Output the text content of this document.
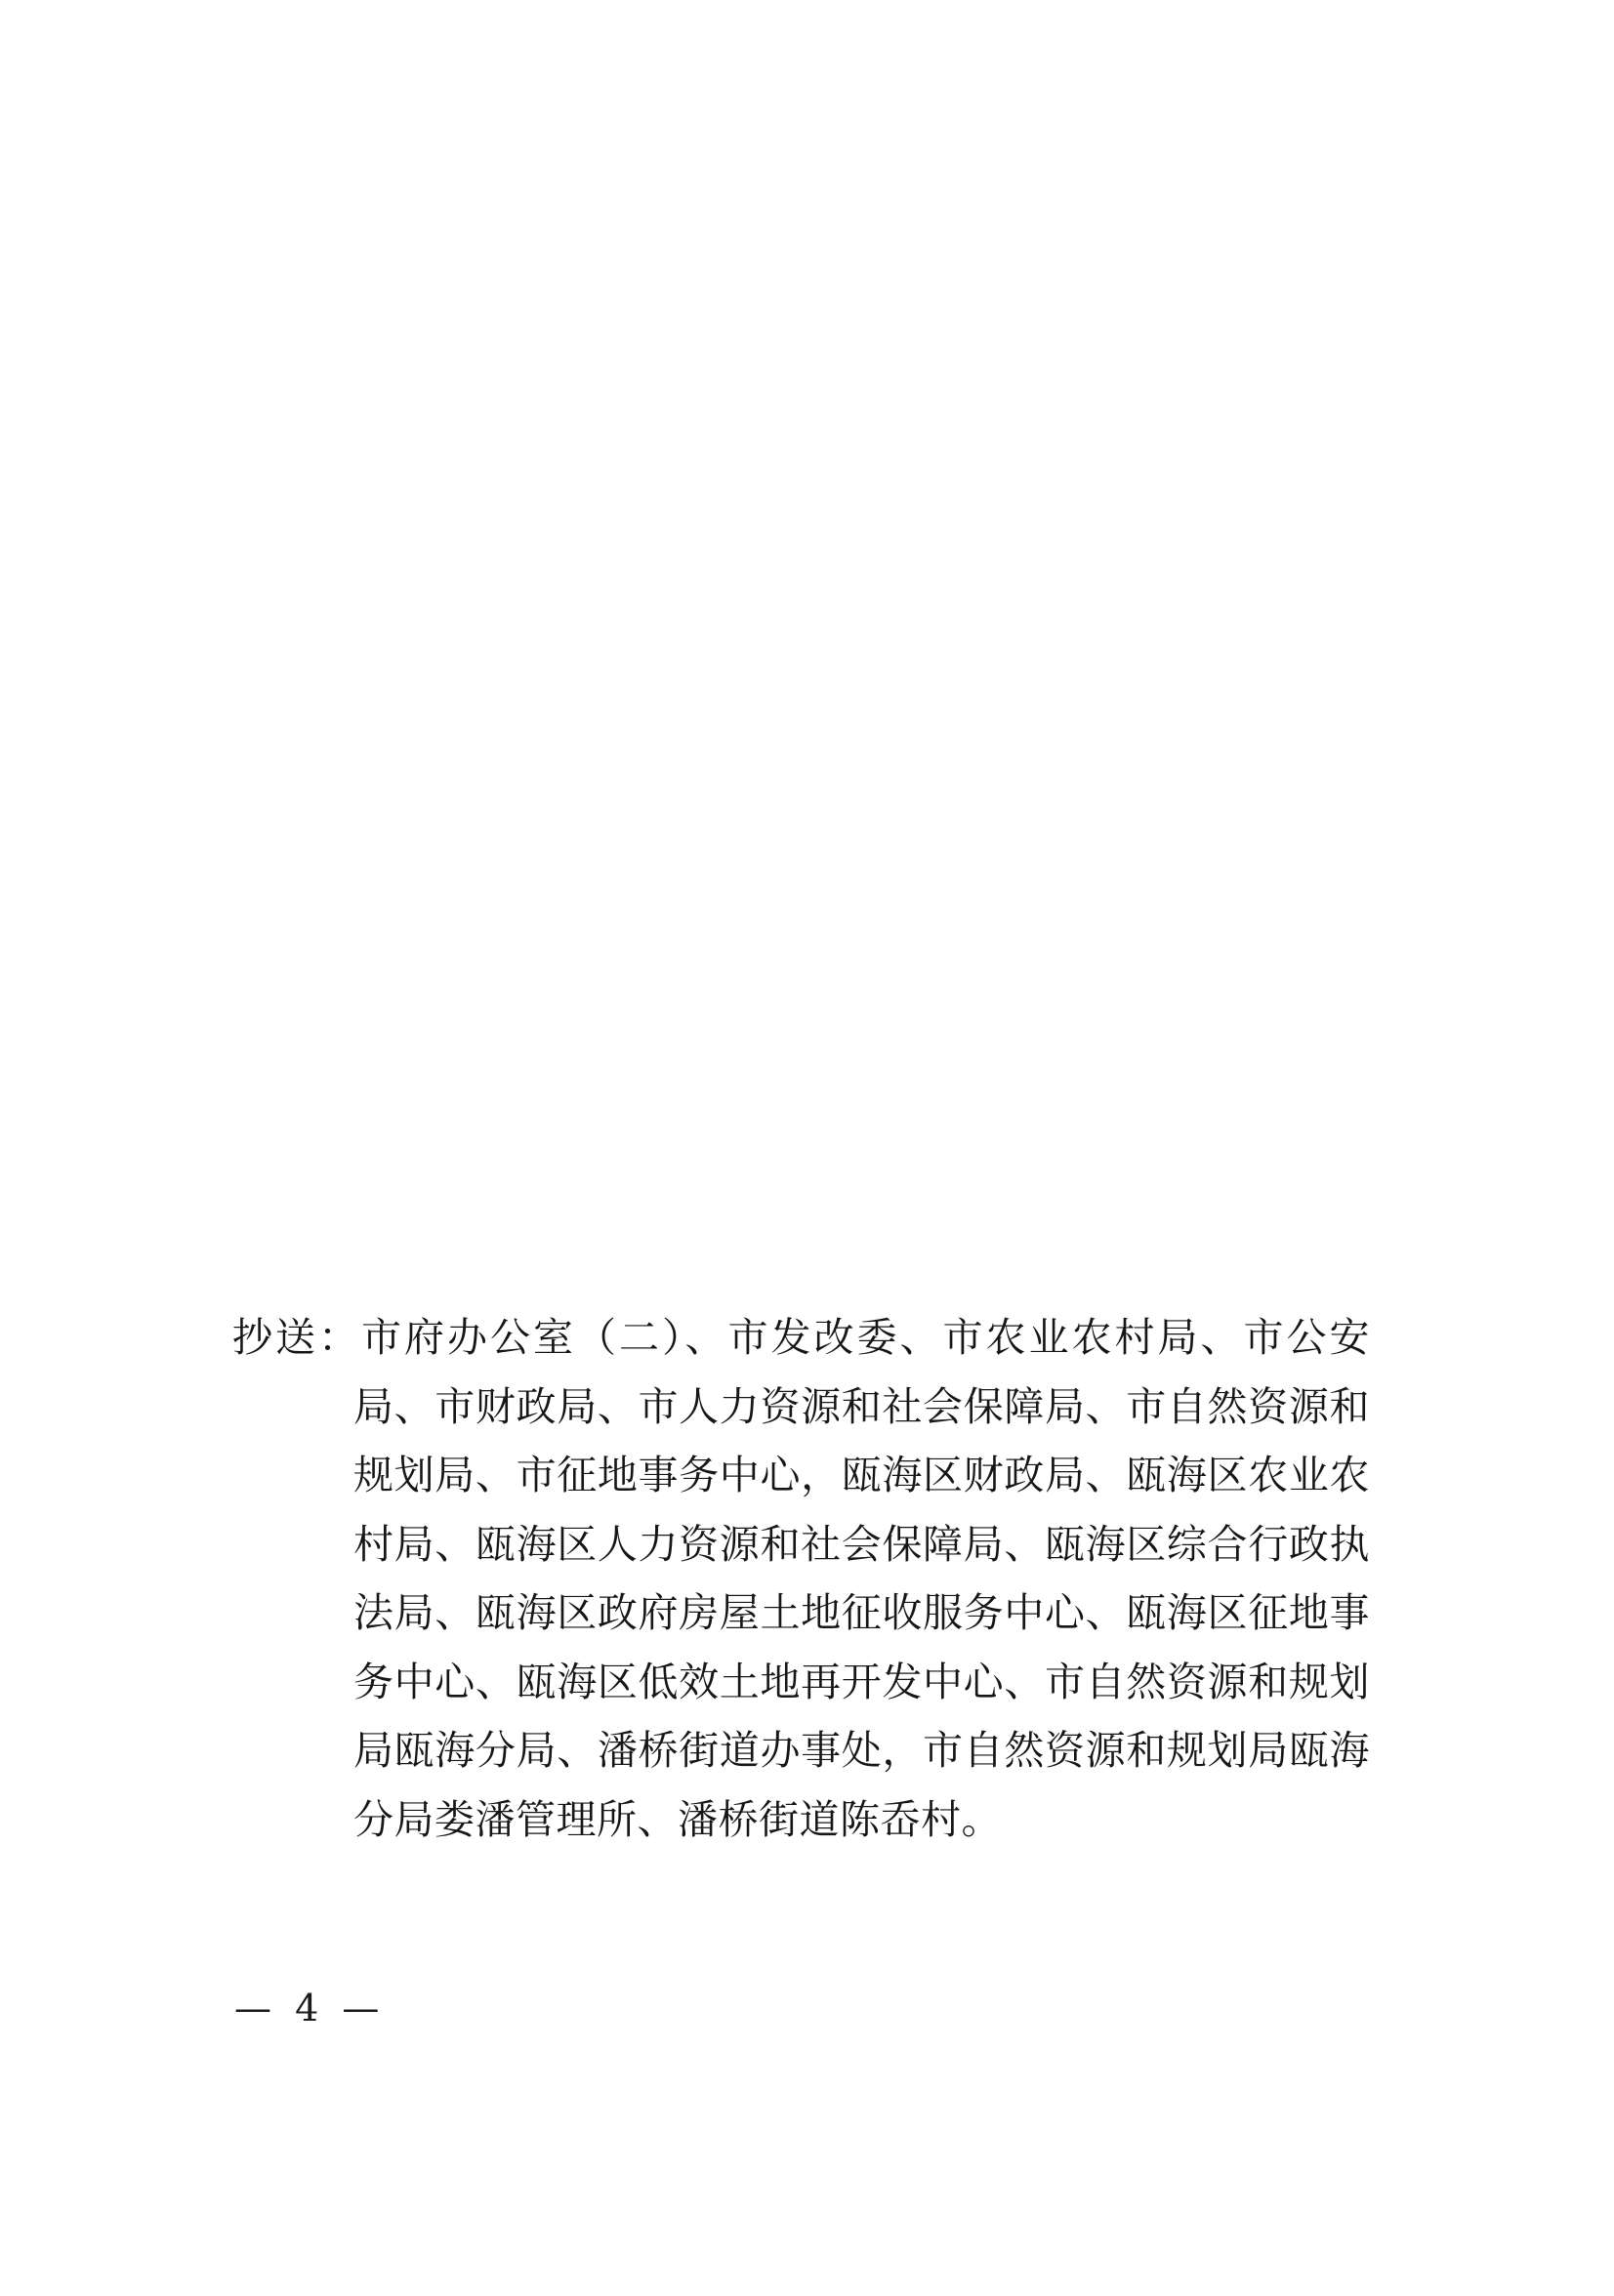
抄送：市府办公室（二）、市发改委、市农业农村局、市公安局、市财政局、市人力资源和社会保障局、市自然资源和规划局、市征地事务中心，瓯海区财政局、瓯海区农业农村局、瓯海区人力资源和社会保障局、瓯海区综合行政执法局、瓯海区政府房屋土地征收服务中心、瓯海区征地事务中心、瓯海区低效土地再开发中心、市自然资源和规划局瓯海分局、潘桥街道办事处，市自然资源和规划局瓯海分局娄潘管理所、潘桥街道陈岙村。
— 4 —
